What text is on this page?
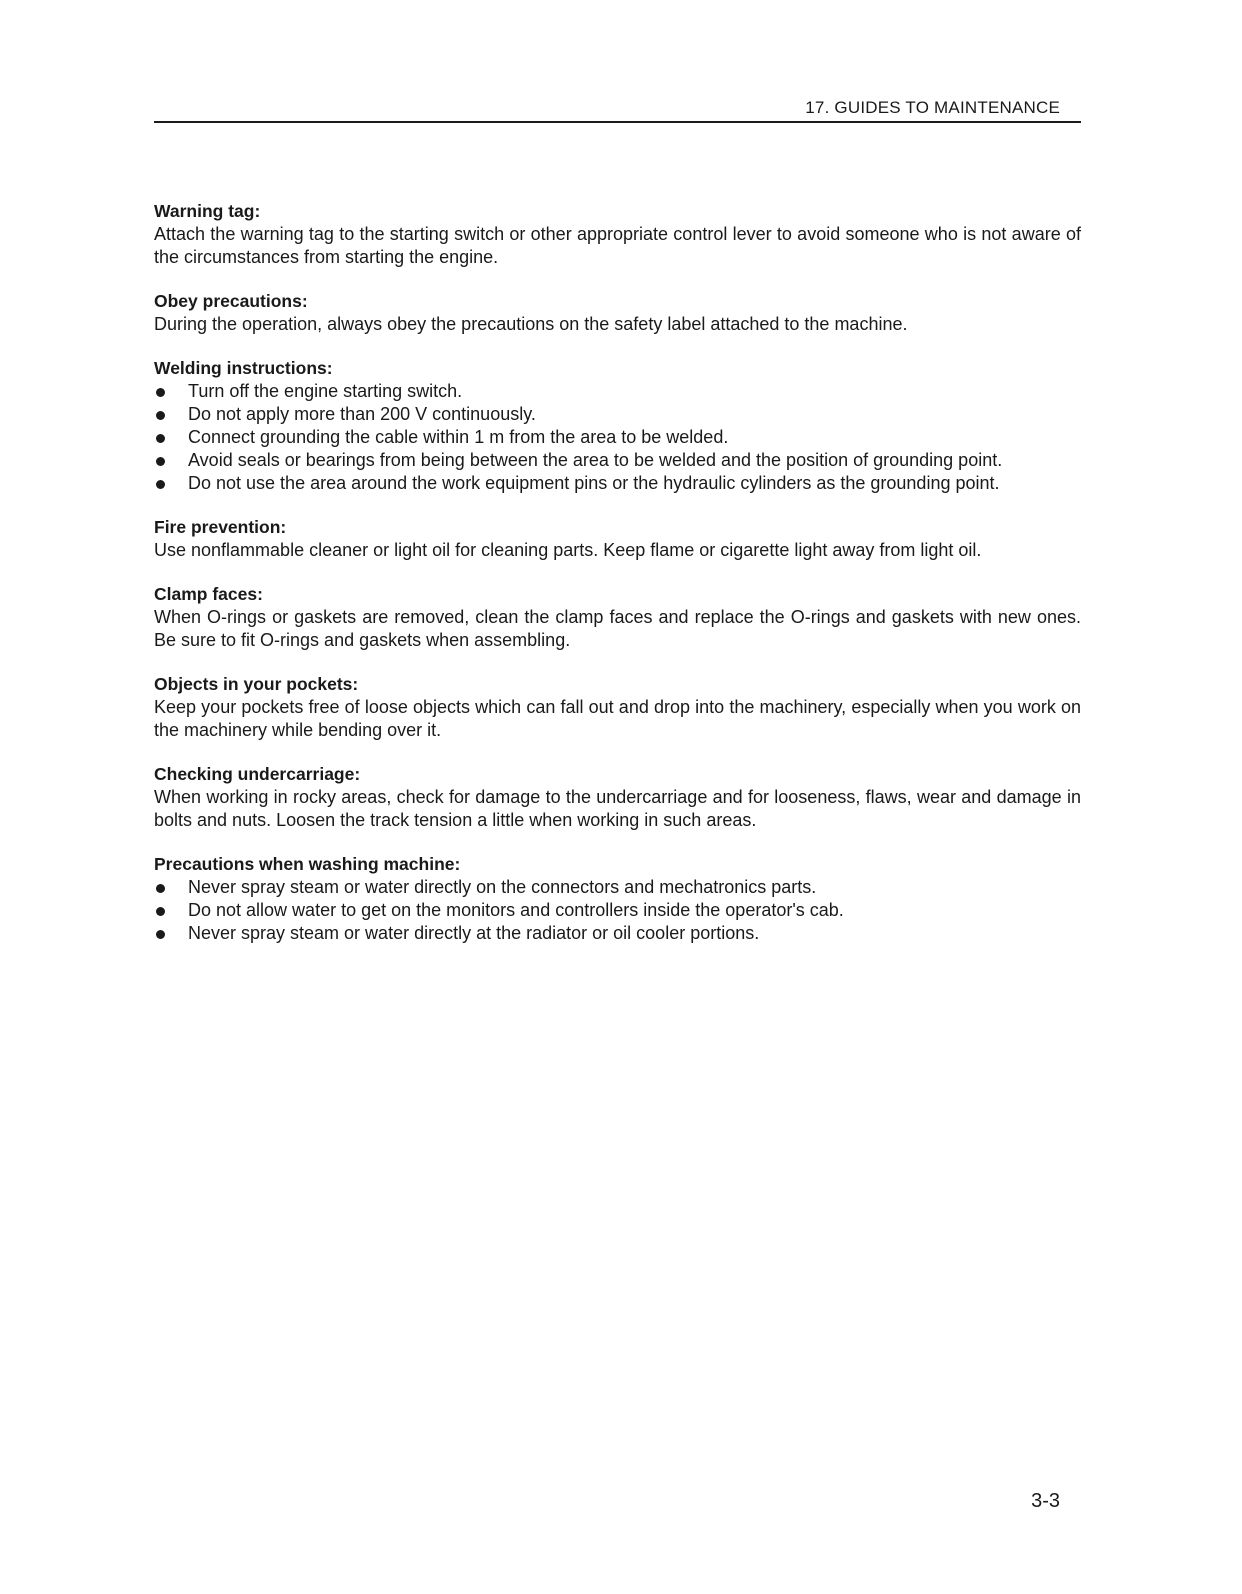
17. GUIDES TO MAINTENANCE

Warning tag:

Attach the warning tag to the starting switch or other appropriate control lever to avoid someone who is not aware of the circumstances from starting the engine.

Obey precautions:

During the operation, always obey the precautions on the safety label attached to the machine.

Welding instructions:

Turn off the engine starting switch.
Do not apply more than 200 V continuously.
Connect grounding the cable within 1 m from the area to be welded.
Avoid seals or bearings from being between the area to be welded and the position of grounding point.
Do not use the area around the work equipment pins or the hydraulic cylinders as the grounding point.

Fire prevention:

Use nonflammable cleaner or light oil for cleaning parts. Keep flame or cigarette light away from light oil.

Clamp faces:

When O-rings or gaskets are removed, clean the clamp faces and replace the O-rings and gaskets with new ones. Be sure to fit O-rings and gaskets when assembling.

Objects in your pockets:

Keep your pockets free of loose objects which can fall out and drop into the machinery, especially when you work on the machinery while bending over it.

Checking undercarriage:

When working in rocky areas, check for damage to the undercarriage and for looseness, flaws, wear and damage in bolts and nuts. Loosen the track tension a little when working in such areas.

Precautions when washing machine:

Never spray steam or water directly on the connectors and mechatronics parts.
Do not allow water to get on the monitors and controllers inside the operator's cab.
Never spray steam or water directly at the radiator or oil cooler portions.
3-3
